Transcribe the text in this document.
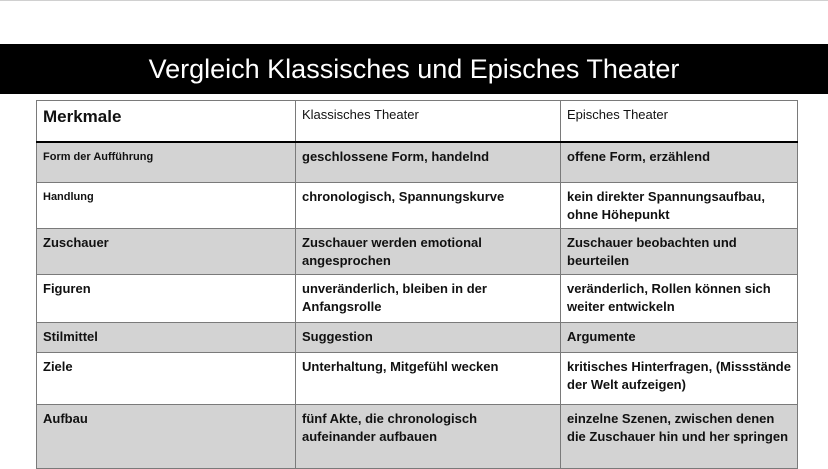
Vergleich Klassisches und Episches Theater
Merkmale	Klassisches Theater	Episches Theater
Form der Aufführung	geschlossene Form, handelnd	offene Form, erzählend
Handlung	chronologisch, Spannungskurve	kein direkter Spannungsaufbau, ohne Höhepunkt
Zuschauer	Zuschauer werden emotional angesprochen	Zuschauer beobachten und beurteilen
Figuren	unveränderlich, bleiben in der Anfangsrolle	veränderlich, Rollen können sich weiter entwickeln
Stilmittel	Suggestion	Argumente
Ziele	Unterhaltung, Mitgefühl wecken	kritisches Hinterfragen, (Missstände der Welt aufzeigen)
Aufbau	fünf Akte, die chronologisch aufeinander aufbauen	einzelne Szenen, zwischen denen die Zuschauer hin und her springen
